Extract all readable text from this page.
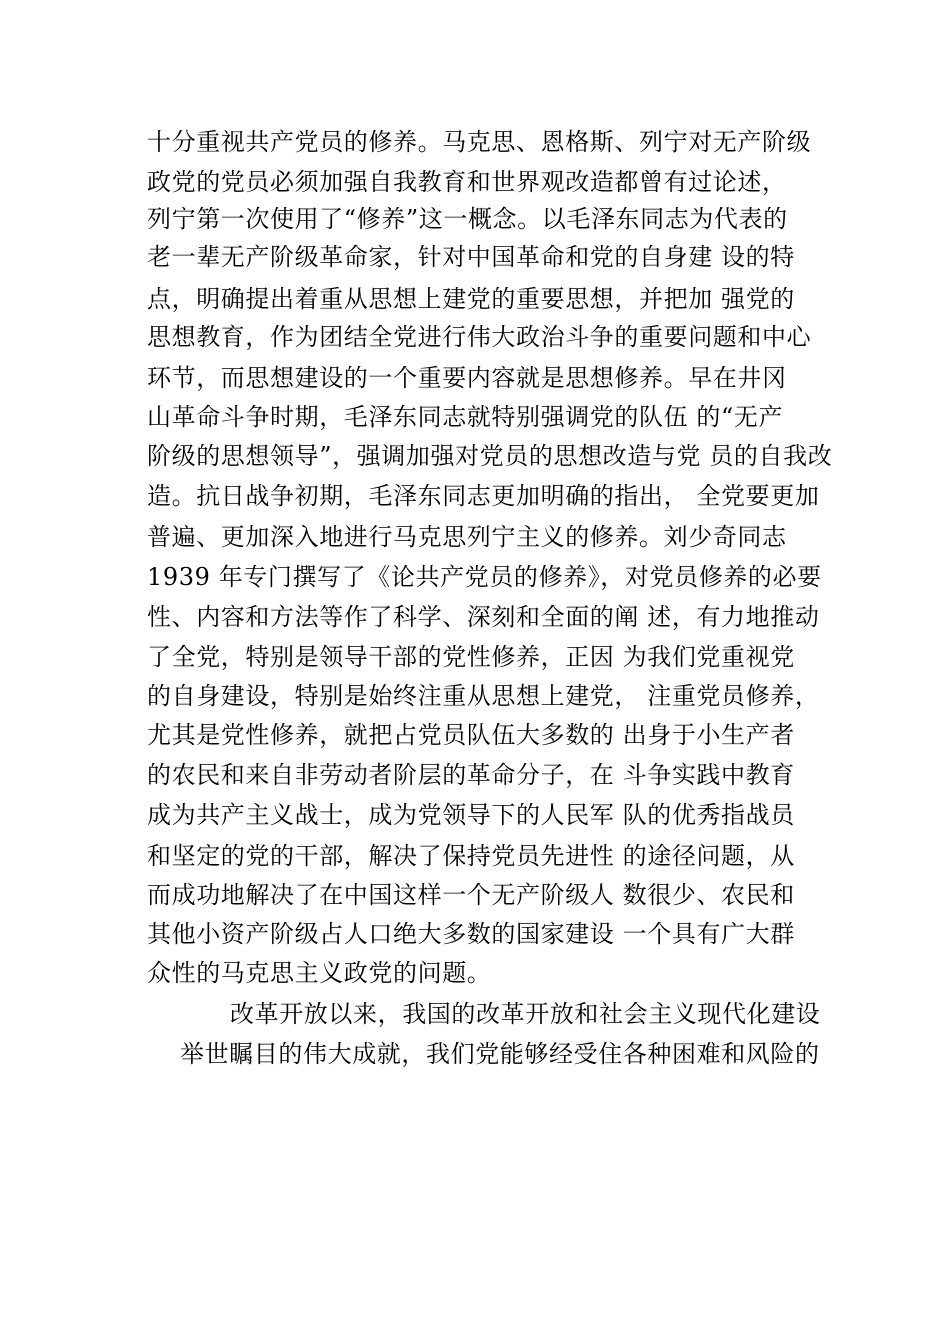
十分重视共产党员的修养。马克思、恩格斯、列宁对无产阶级
政党的党员必须加强自我教育和世界观改造都曾有过论述，
列宁第一次使用了“修养”这一概念。以毛泽东同志为代表的
老一辈无产阶级革命家，针对中国革命和党的自身建 设的特
点，明确提出着重从思想上建党的重要思想，并把加 强党的
思想教育，作为团结全党进行伟大政治斗争的重要问题和中心
环节，而思想建设的一个重要内容就是思想修养。早在井冈
山革命斗争时期，毛泽东同志就特别强调党的队伍 的“无产
阶级的思想领导”，强调加强对党员的思想改造与党 员的自我改
造。抗日战争初期，毛泽东同志更加明确的指出， 全党要更加
普遍、更加深入地进行马克思列宁主义的修养。刘少奇同志
1939 年专门撰写了《论共产党员的修养》，对党员修养的必要
性、内容和方法等作了科学、深刻和全面的阐 述，有力地推动
了全党，特别是领导干部的党性修养，正因 为我们党重视党
的自身建设，特别是始终注重从思想上建党， 注重党员修养，
尤其是党性修养，就把占党员队伍大多数的 出身于小生产者
的农民和来自非劳动者阶层的革命分子，在 斗争实践中教育
成为共产主义战士，成为党领导下的人民军 队的优秀指战员
和坚定的党的干部，解决了保持党员先进性 的途径问题，从
而成功地解决了在中国这样一个无产阶级人 数很少、农民和
其他小资产阶级占人口绝大多数的国家建设 一个具有广大群
众性的马克思主义政党的问题。
改革开放以来，我国的改革开放和社会主义现代化建设
举世瞩目的伟大成就，我们党能够经受住各种困难和风险的
